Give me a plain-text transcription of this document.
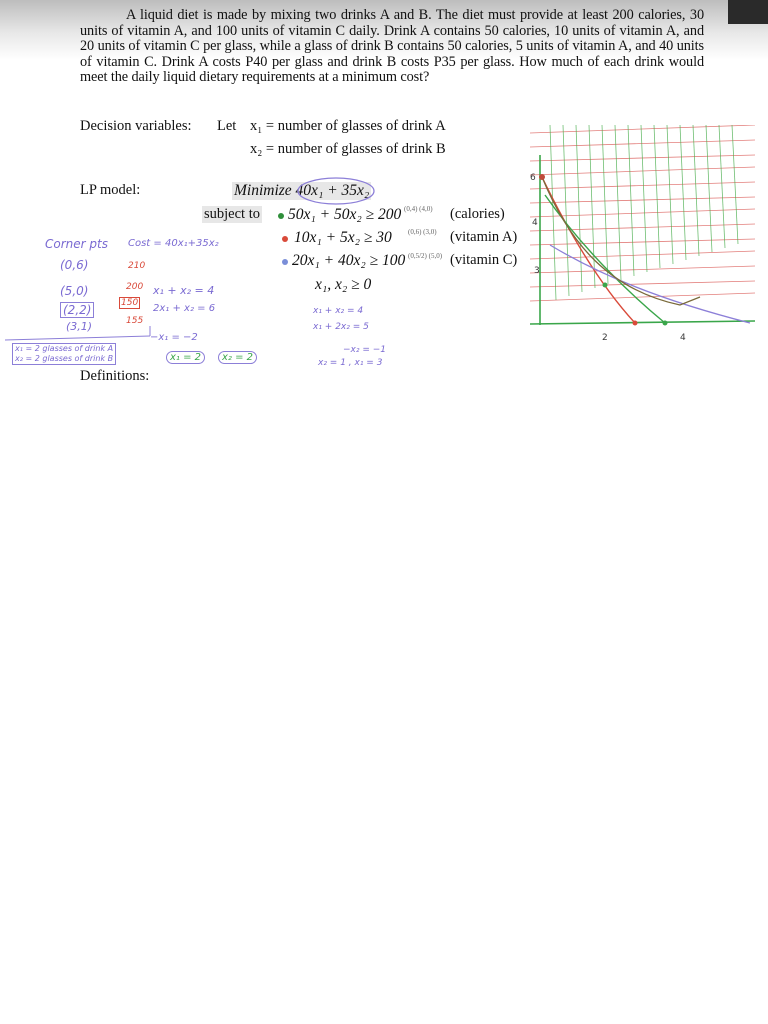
A liquid diet is made by mixing two drinks A and B. The diet must provide at least 200 calories, 30 units of vitamin A, and 100 units of vitamin C daily. Drink A contains 50 calories, 10 units of vitamin A, and 20 units of vitamin C per glass, while a glass of drink B contains 50 calories, 5 units of vitamin A, and 40 units of vitamin C. Drink A costs P40 per glass and drink B costs P35 per glass. How much of each drink would meet the daily liquid dietary requirements at a minimum cost?

Decision variables: Let x₁ = number of glasses of drink A
x₂ = number of glasses of drink B
LP model:	Minimize 40x₁ + 35x₂
subject to 50x₁ + 50x₂ ≥ 200 (0,4) (4,0) (calories)
10x₁ + 5x₂ ≥ 30 (0,6) (3,0) (vitamin A)
20x₁ + 40x₂ ≥ 100 (0,5/2) (5,0) (vitamin C)
x₁, x₂ ≥ 0
Corner pts Cost = 40x₁+35x₂
(0,6)	210
(5,0)	200
(2,2)	150
(3,1)	155
x₁ + x₂ = 4
2x₁ + x₂ = 6
−x₁ = −2
x₁ = 2	x₂ = 2
x₁ = 2 glasses of drink A
x₂ = 2 glasses of drink B
x₁ + x₂ = 4
x₁ + 2x₂ = 5
−x₂ = −1
x₂ = 1 , x₁ = 3
Definitions:
6
4
3
2	4
